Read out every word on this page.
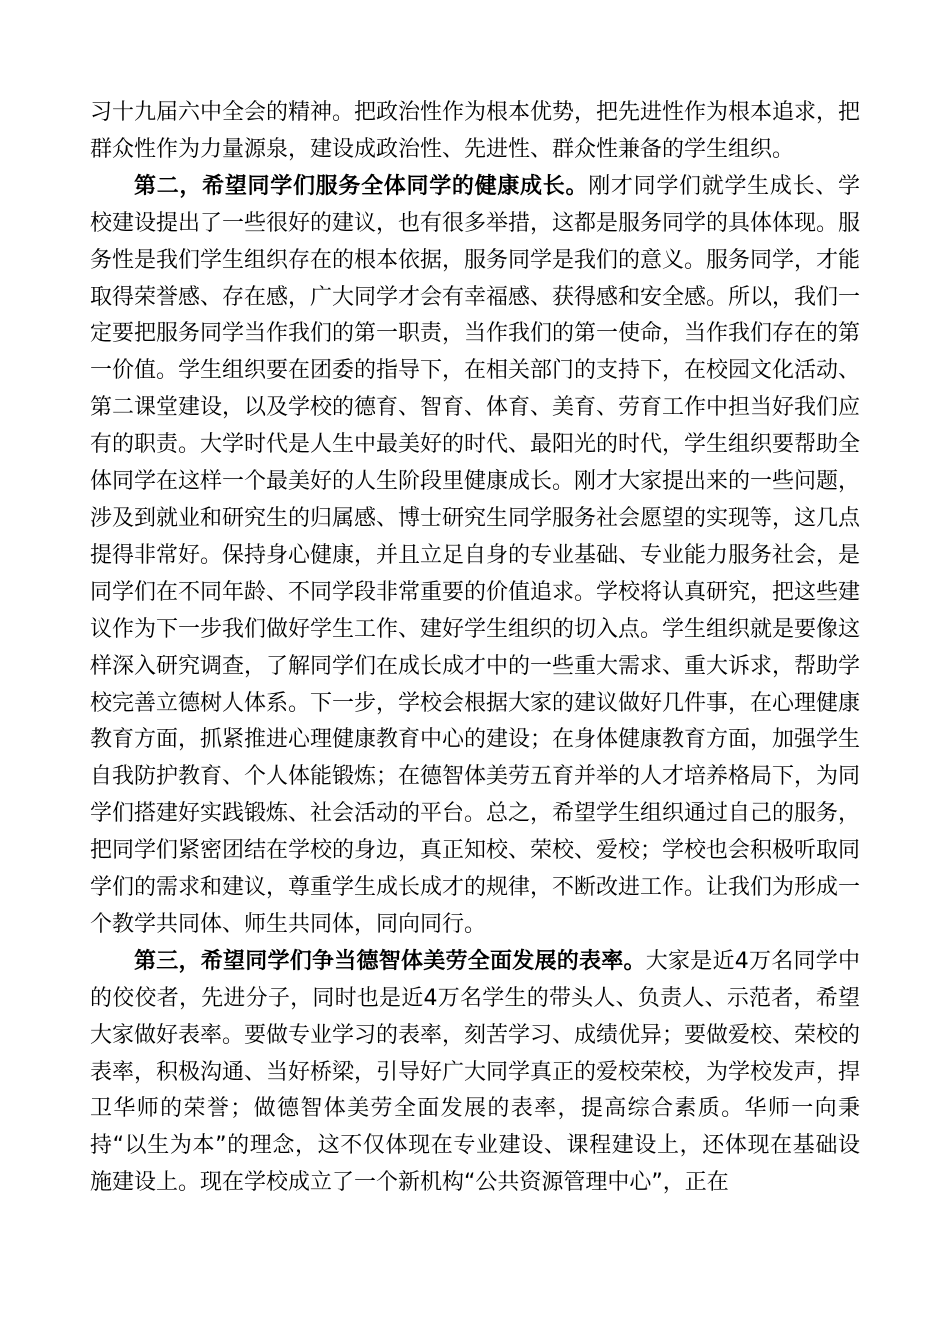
习十九届六中全会的精神。把政治性作为根本优势，把先进性作为根本追求，把群众性作为力量源泉，建设成政治性、先进性、群众性兼备的学生组织。

第二，希望同学们服务全体同学的健康成长。刚才同学们就学生成长、学校建设提出了一些很好的建议，也有很多举措，这都是服务同学的具体体现。服务性是我们学生组织存在的根本依据，服务同学是我们的意义。服务同学，才能取得荣誉感、存在感，广大同学才会有幸福感、获得感和安全感。所以，我们一定要把服务同学当作我们的第一职责，当作我们的第一使命，当作我们存在的第一价值。学生组织要在团委的指导下，在相关部门的支持下，在校园文化活动、第二课堂建设，以及学校的德育、智育、体育、美育、劳育工作中担当好我们应有的职责。大学时代是人生中最美好的时代、最阳光的时代，学生组织要帮助全体同学在这样一个最美好的人生阶段里健康成长。刚才大家提出来的一些问题，涉及到就业和研究生的归属感、博士研究生同学服务社会愿望的实现等，这几点提得非常好。保持身心健康，并且立足自身的专业基础、专业能力服务社会，是同学们在不同年龄、不同学段非常重要的价值追求。学校将认真研究，把这些建议作为下一步我们做好学生工作、建好学生组织的切入点。学生组织就是要像这样深入研究调查，了解同学们在成长成才中的一些重大需求、重大诉求，帮助学校完善立德树人体系。下一步，学校会根据大家的建议做好几件事，在心理健康教育方面，抓紧推进心理健康教育中心的建设；在身体健康教育方面，加强学生自我防护教育、个人体能锻炼；在德智体美劳五育并举的人才培养格局下，为同学们搭建好实践锻炼、社会活动的平台。总之，希望学生组织通过自己的服务，把同学们紧密团结在学校的身边，真正知校、荣校、爱校；学校也会积极听取同学们的需求和建议，尊重学生成长成才的规律，不断改进工作。让我们为形成一个教学共同体、师生共同体，同向同行。

第三，希望同学们争当德智体美劳全面发展的表率。大家是近4万名同学中的佼佼者，先进分子，同时也是近4万名学生的带头人、负责人、示范者，希望大家做好表率。要做专业学习的表率，刻苦学习、成绩优异；要做爱校、荣校的表率，积极沟通、当好桥梁，引导好广大同学真正的爱校荣校，为学校发声，捍卫华师的荣誉；做德智体美劳全面发展的表率，提高综合素质。华师一向秉持“以生为本”的理念，这不仅体现在专业建设、课程建设上，还体现在基础设施建设上。现在学校成立了一个新机构“公共资源管理中心”，正在
